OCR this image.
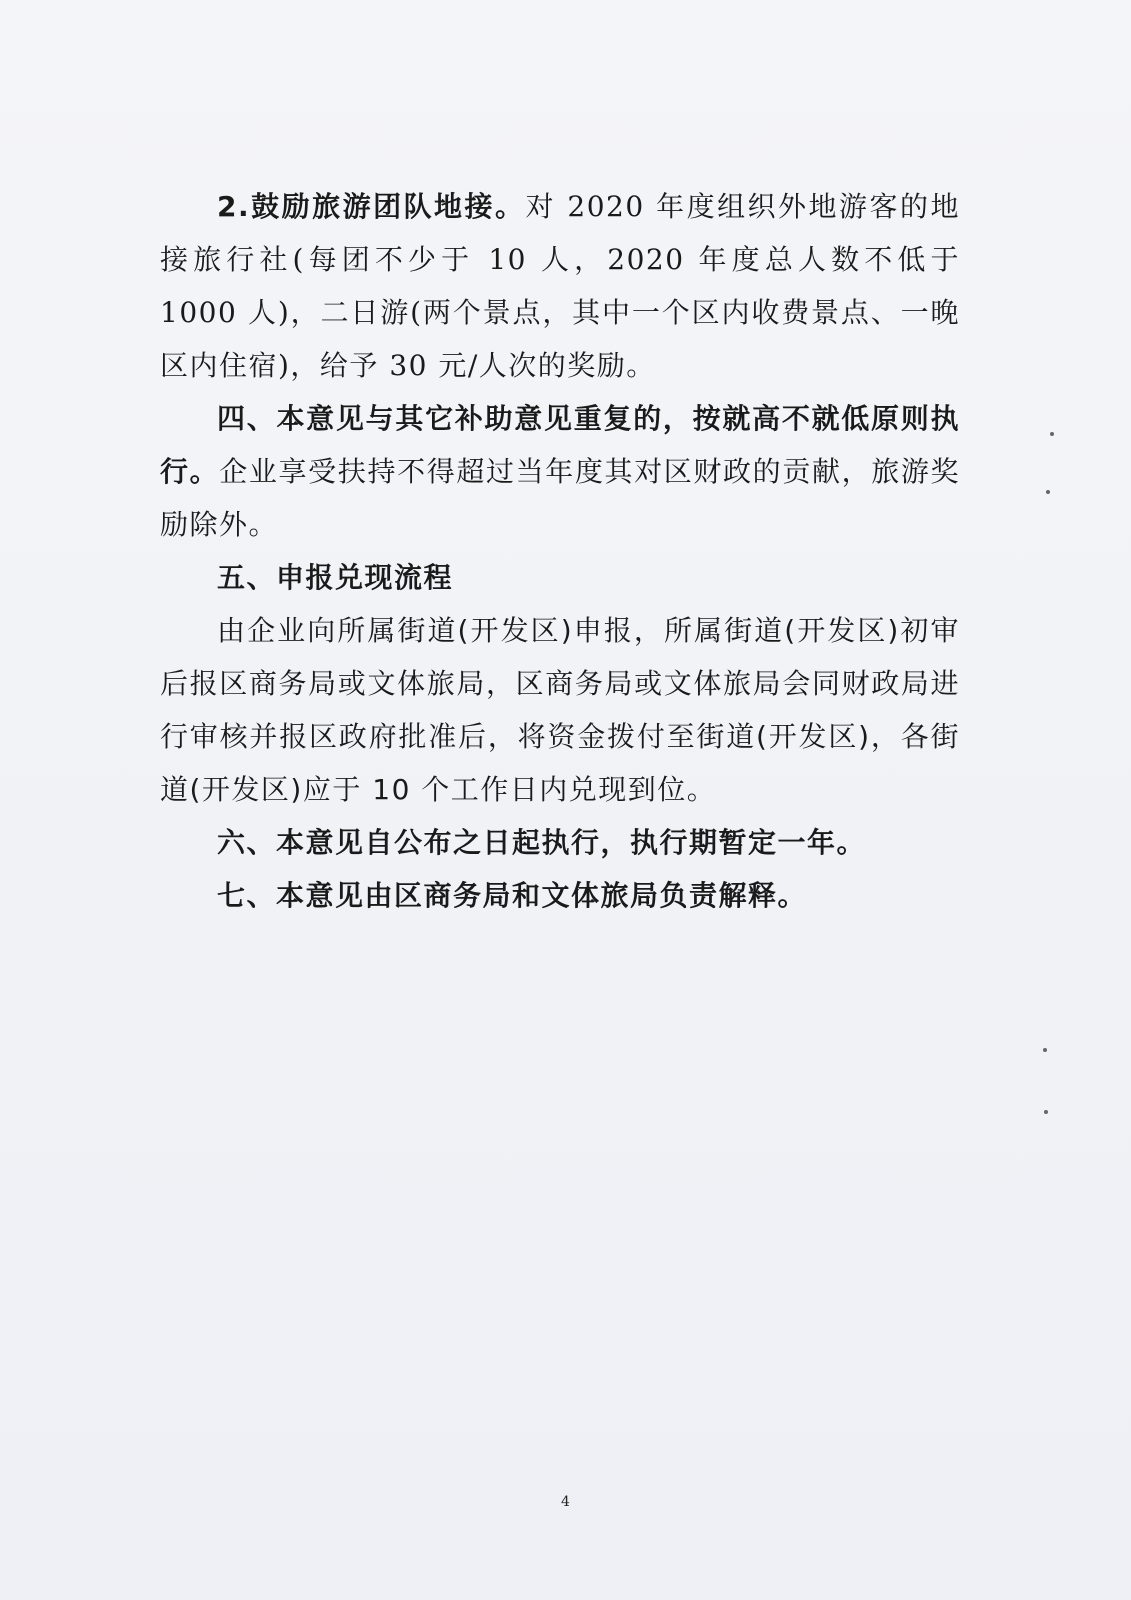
2.鼓励旅游团队地接。对 2020 年度组织外地游客的地接旅行社(每团不少于 10 人，2020 年度总人数不低于 1000 人)，二日游(两个景点，其中一个区内收费景点、一晚区内住宿)，给予 30 元/人次的奖励。

四、本意见与其它补助意见重复的，按就高不就低原则执行。企业享受扶持不得超过当年度其对区财政的贡献，旅游奖励除外。

五、申报兑现流程

由企业向所属街道(开发区)申报，所属街道(开发区)初审后报区商务局或文体旅局，区商务局或文体旅局会同财政局进行审核并报区政府批准后，将资金拨付至街道(开发区)，各街道(开发区)应于 10 个工作日内兑现到位。

六、本意见自公布之日起执行，执行期暂定一年。

七、本意见由区商务局和文体旅局负责解释。

4
